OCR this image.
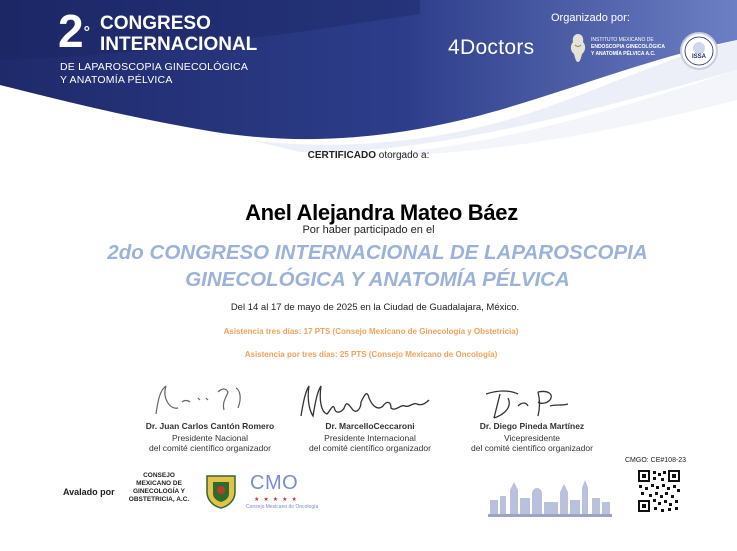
2° CONGRESO
INTERNACIONAL
DE LAPAROSCOPIA GINECOLÓGICA
Y ANATOMÍA PÉLVICA
Organizado por:
4Doctors	INSTITUTO MEXICANO DE
ENDOSCOPIA GINECOLÓGICA
Y ANATOMÍA PÉLVICA A.C.	ISSA
CERTIFICADO otorgado a:
Anel Alejandra Mateo Báez
Por haber participado en el
2do CONGRESO INTERNACIONAL DE LAPAROSCOPIA
GINECOLÓGICA Y ANATOMÍA PÉLVICA
Del 14 al 17 de mayo de 2025 en la Ciudad de Guadalajara, México.
Asistencia tres días: 17 PTS (Consejo Mexicano de Ginecología y Obstetricia)
Asistencia por tres días: 25 PTS (Consejo Mexicano de Oncología)
Dr. Juan Carlos Cantón Romero
Presidente Nacional
del comité científico organizador
Dr. MarcelloCeccaroni
Presidente Internacional
del comité científico organizador
Dr. Diego Pineda Martínez
Vicepresidente
del comité científico organizador
Avalado por
CONSEJO
MEXICANO DE
GINECOLOGÍA Y
OBSTETRICIA, A.C.
CMO
★★★★★
Consejo Mexicano de Oncología
CMGO: CE#108-23
